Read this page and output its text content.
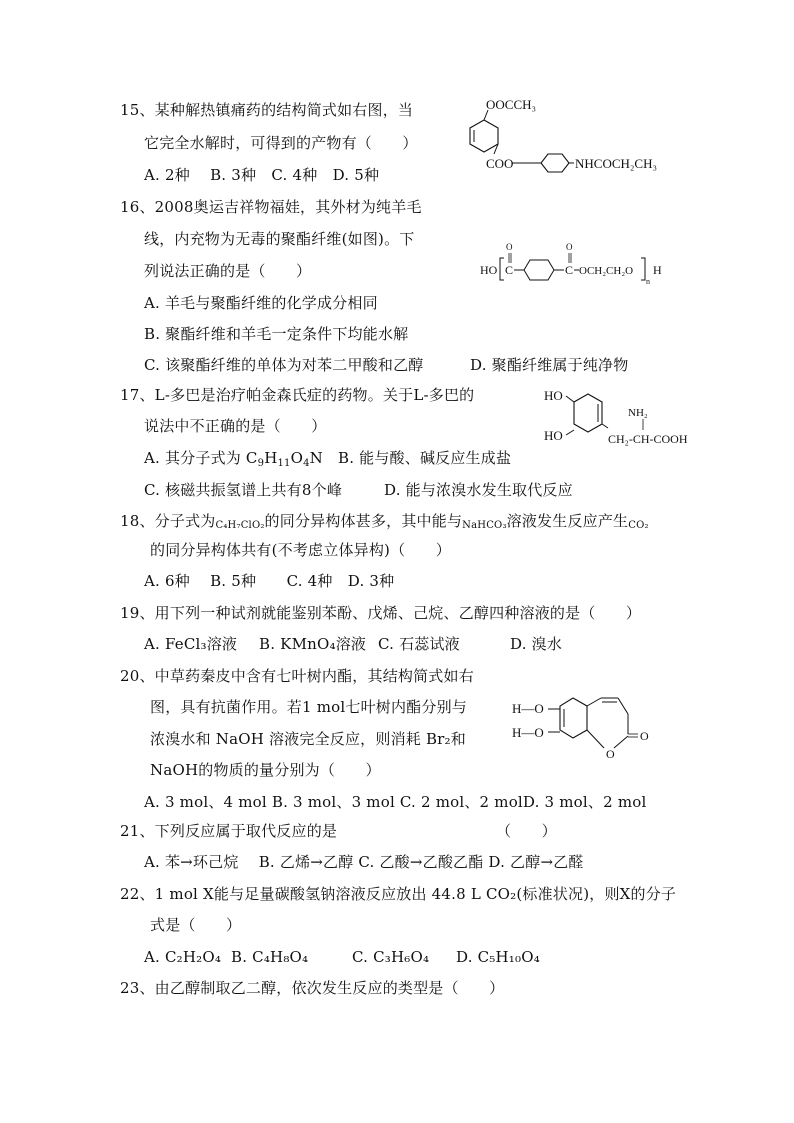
15、某种解热镇痛药的结构简式如右图，当
它完全水解时，可得到的产物有（　　）
A. 2种　 B. 3种　C. 4种　D. 5种
OOCCH₃
COO	NHCOCH₂CH₃
16、2008奥运吉祥物福娃，其外材为纯羊毛
线，内充物为无毒的聚酯纤维(如图)。下
列说法正确的是（　　）
A. 羊毛与聚酯纤维的化学成分相同
B. 聚酯纤维和羊毛一定条件下均能水解
C. 该聚酯纤维的单体为对苯二甲酸和乙醇	D. 聚酯纤维属于纯净物
HO C
O
C
O
OCH₂CH₂O
n
H
17、L-多巴是治疗帕金森氏症的药物。关于L-多巴的
说法中不正确的是（　　）
A. 其分子式为 $C_9H_{11}O_4N$ B. 能与酸、碱反应生成盐
C. 核磁共振氢谱上共有8个峰	D. 能与浓溴水发生取代反应
HO
HO
NH₂
CH₂-CH-COOH
18、分子式为C₄H₇ClO₂的同分异构体甚多，其中能与NaHCO₃溶液发生反应产生CO₂
的同分异构体共有(不考虑立体异构)（　　）
A. 6种　 B. 5种　　C. 4种　D. 3种
19、用下列一种试剂就能鉴别苯酚、戊烯、己烷、乙醇四种溶液的是（　　）
A. FeCl₃溶液 B. KMnO₄溶液 C. 石蕊试液	D. 溴水
20、中草药秦皮中含有七叶树内酯，其结构简式如右
图，具有抗菌作用。若1 mol七叶树内酯分别与
浓溴水和 NaOH 溶液完全反应，则消耗 Br₂和
NaOH的物质的量分别为（　　）
A. 3 mol、4 mol B. 3 mol、3 mol C. 2 mol、2 molD. 3 mol、2 mol
H—O
H—O	O
O
21、下列反应属于取代反应的是	（　　）
A. 苯→环己烷　 B. 乙烯→乙醇 C. 乙酸→乙酸乙酯 D. 乙醇→乙醛
22、1 mol X能与足量碳酸氢钠溶液反应放出 44.8 L CO₂(标准状况)，则X的分子
式是（　　）
A. C₂H₂O₄ B. C₄H₈O₄	C. C₃H₆O₄ D. C₅H₁₀O₄
23、由乙醇制取乙二醇，依次发生反应的类型是（　　）
